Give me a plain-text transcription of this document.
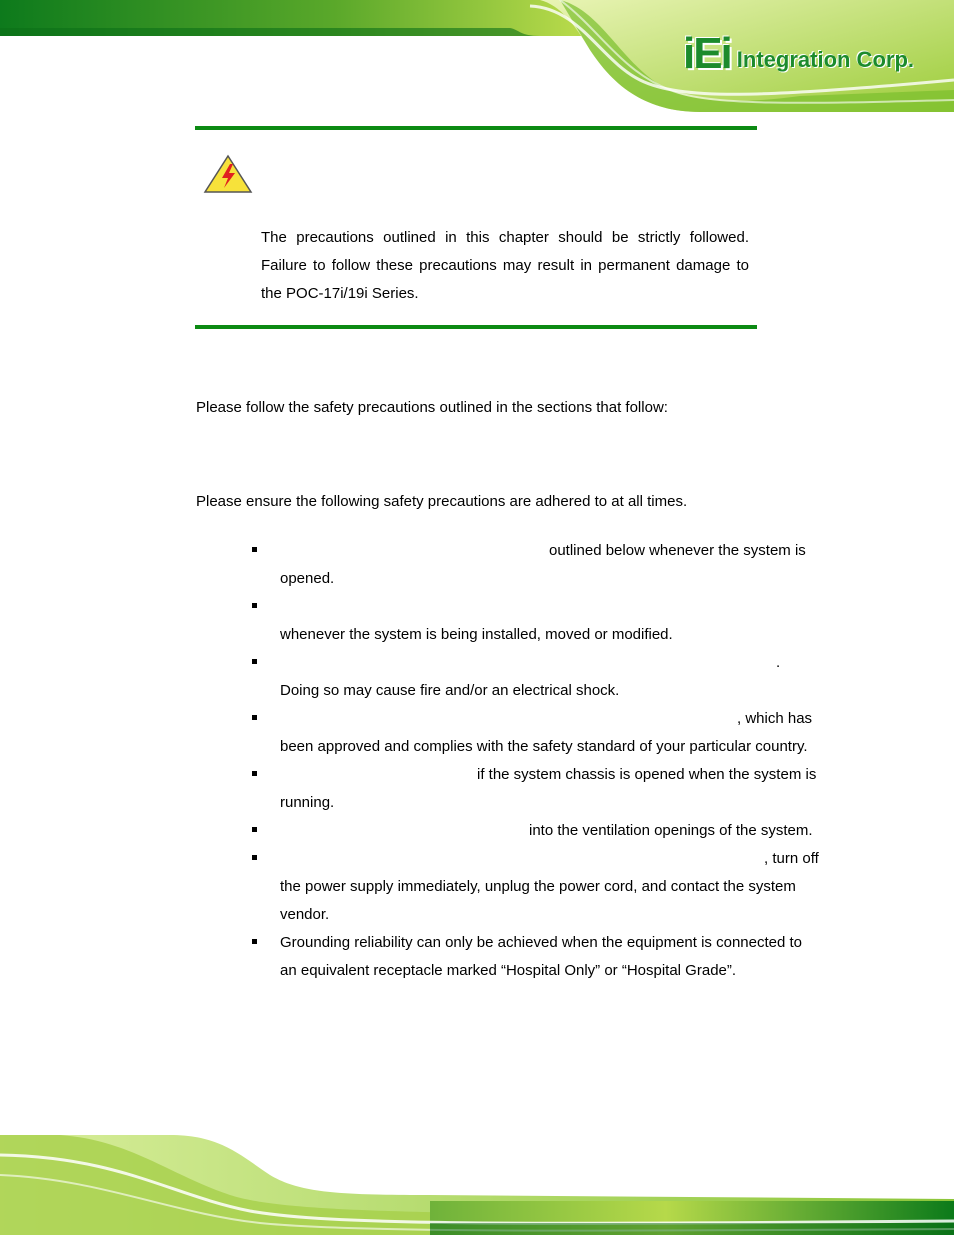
iEi Integration Corp.
The precautions outlined in this chapter should be strictly followed. Failure to follow these precautions may result in permanent damage to the POC-17i/19i Series.
Please follow the safety precautions outlined in the sections that follow:
Please ensure the following safety precautions are adhered to at all times.
outlined below whenever the system is opened.
whenever the system is being installed, moved or modified.
. Doing so may cause fire and/or an electrical shock.
, which has been approved and complies with the safety standard of your particular country.
if the system chassis is opened when the system is running.
into the ventilation openings of the system.
, turn off the power supply immediately, unplug the power cord, and contact the system vendor.
Grounding reliability can only be achieved when the equipment is connected to an equivalent receptacle marked “Hospital Only” or “Hospital Grade”.
